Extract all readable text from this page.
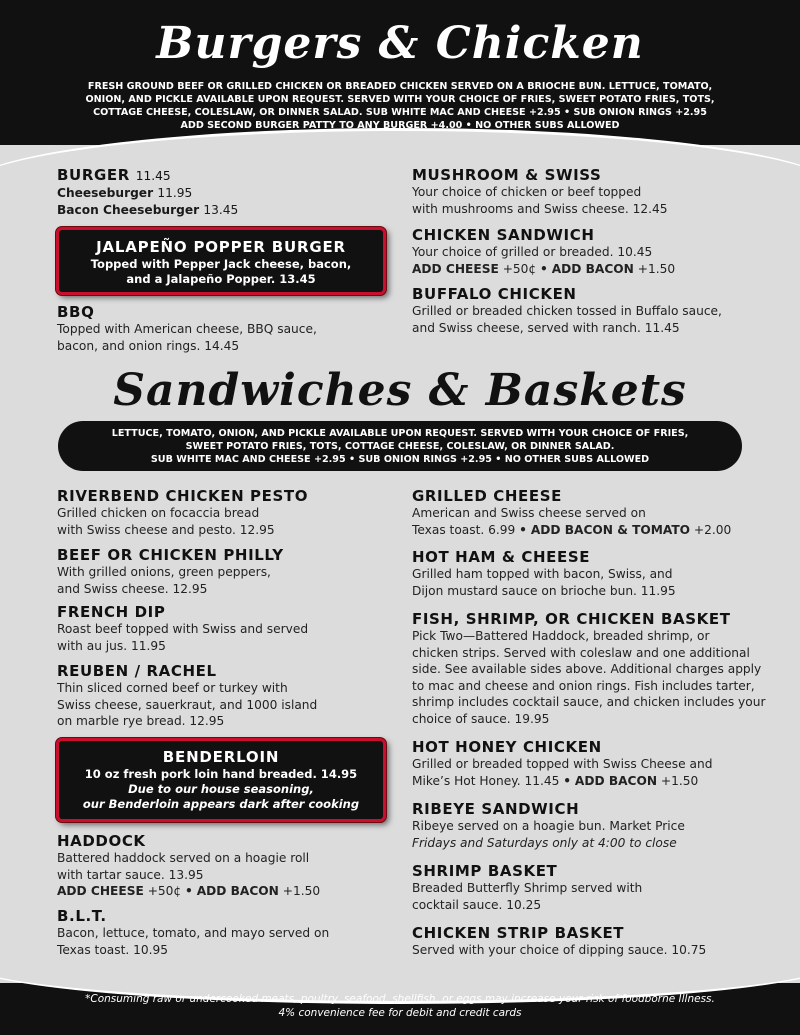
Burgers & Chicken
FRESH GROUND BEEF OR GRILLED CHICKEN OR BREADED CHICKEN SERVED ON A BRIOCHE BUN. LETTUCE, TOMATO,
ONION, AND PICKLE AVAILABLE UPON REQUEST. SERVED WITH YOUR CHOICE OF FRIES, SWEET POTATO FRIES, TOTS,
COTTAGE CHEESE, COLESLAW, OR DINNER SALAD. SUB WHITE MAC AND CHEESE +2.95 • SUB ONION RINGS +2.95
ADD SECOND BURGER PATTY TO ANY BURGER +4.00 • NO OTHER SUBS ALLOWED
BURGER 11.45
Cheeseburger 11.95
Bacon Cheeseburger 13.45
JALAPEÑO POPPER BURGER
Topped with Pepper Jack cheese, bacon,
and a Jalapeño Popper. 13.45
BBQ
Topped with American cheese, BBQ sauce,
bacon, and onion rings. 14.45
MUSHROOM & SWISS
Your choice of chicken or beef topped
with mushrooms and Swiss cheese. 12.45
CHICKEN SANDWICH
Your choice of grilled or breaded. 10.45
ADD CHEESE +50¢ • ADD BACON +1.50
BUFFALO CHICKEN
Grilled or breaded chicken tossed in Buffalo sauce,
and Swiss cheese, served with ranch. 11.45
Sandwiches & Baskets
LETTUCE, TOMATO, ONION, AND PICKLE AVAILABLE UPON REQUEST. SERVED WITH YOUR CHOICE OF FRIES,
SWEET POTATO FRIES, TOTS, COTTAGE CHEESE, COLESLAW, OR DINNER SALAD.
SUB WHITE MAC AND CHEESE +2.95 • SUB ONION RINGS +2.95 • NO OTHER SUBS ALLOWED
RIVERBEND CHICKEN PESTO
Grilled chicken on focaccia bread
with Swiss cheese and pesto. 12.95
BEEF OR CHICKEN PHILLY
With grilled onions, green peppers,
and Swiss cheese. 12.95
FRENCH DIP
Roast beef topped with Swiss and served
with au jus. 11.95
REUBEN / RACHEL
Thin sliced corned beef or turkey with
Swiss cheese, sauerkraut, and 1000 island
on marble rye bread. 12.95
BENDERLOIN
10 oz fresh pork loin hand breaded. 14.95
Due to our house seasoning,
our Benderloin appears dark after cooking
HADDOCK
Battered haddock served on a hoagie roll
with tartar sauce. 13.95
ADD CHEESE +50¢ • ADD BACON +1.50
B.L.T.
Bacon, lettuce, tomato, and mayo served on
Texas toast. 10.95
GRILLED CHEESE
American and Swiss cheese served on
Texas toast. 6.99 • ADD BACON & TOMATO +2.00
HOT HAM & CHEESE
Grilled ham topped with bacon, Swiss, and
Dijon mustard sauce on brioche bun. 11.95
FISH, SHRIMP, OR CHICKEN BASKET
Pick Two—Battered Haddock, breaded shrimp, or
chicken strips. Served with coleslaw and one additional
side. See available sides above. Additional charges apply
to mac and cheese and onion rings. Fish includes tarter,
shrimp includes cocktail sauce, and chicken includes your
choice of sauce. 19.95
HOT HONEY CHICKEN
Grilled or breaded topped with Swiss Cheese and
Mike’s Hot Honey. 11.45 • ADD BACON +1.50
RIBEYE SANDWICH
Ribeye served on a hoagie bun. Market Price
Fridays and Saturdays only at 4:00 to close
SHRIMP BASKET
Breaded Butterfly Shrimp served with
cocktail sauce. 10.25
CHICKEN STRIP BASKET
Served with your choice of dipping sauce. 10.75
*Consuming raw or undercooked meats, poultry, seafood, shellfish, or eggs may increase your risk of foodborne Illness.
4% convenience fee for debit and credit cards
